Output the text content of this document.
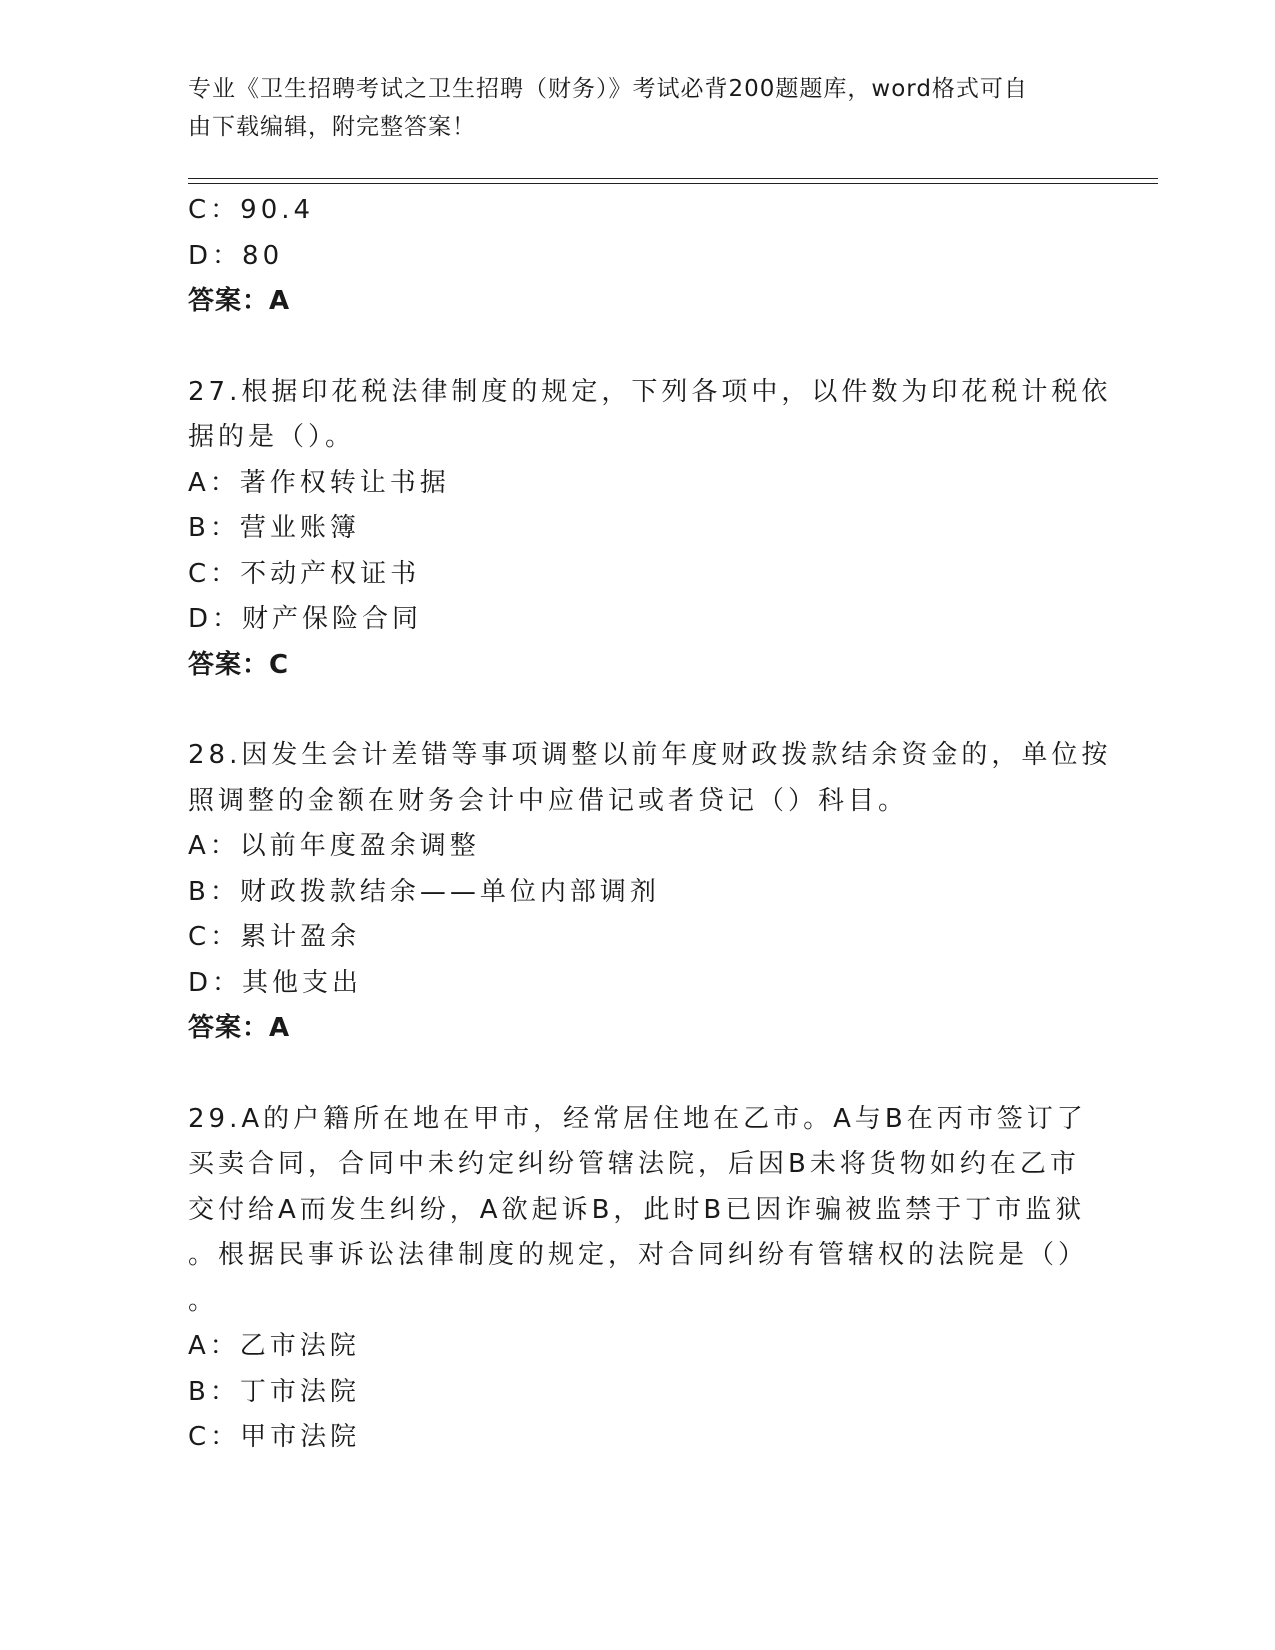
专业《卫生招聘考试之卫生招聘（财务）》考试必背200题题库，word格式可自
由下载编辑，附完整答案！

C：90.4

D：80

答案：A

27.根据印花税法律制度的规定，下列各项中，以件数为印花税计税依

据的是（）。

A：著作权转让书据

B：营业账簿

C：不动产权证书

D：财产保险合同

答案：C

28.因发生会计差错等事项调整以前年度财政拨款结余资金的，单位按

照调整的金额在财务会计中应借记或者贷记（）科目。

A：以前年度盈余调整

B：财政拨款结余——单位内部调剂

C：累计盈余

D：其他支出

答案：A

29.A的户籍所在地在甲市，经常居住地在乙市。A与B在丙市签订了

买卖合同，合同中未约定纠纷管辖法院，后因B未将货物如约在乙市

交付给A而发生纠纷，A欲起诉B，此时B已因诈骗被监禁于丁市监狱

。根据民事诉讼法律制度的规定，对合同纠纷有管辖权的法院是（）

。

A：乙市法院

B：丁市法院

C：甲市法院
